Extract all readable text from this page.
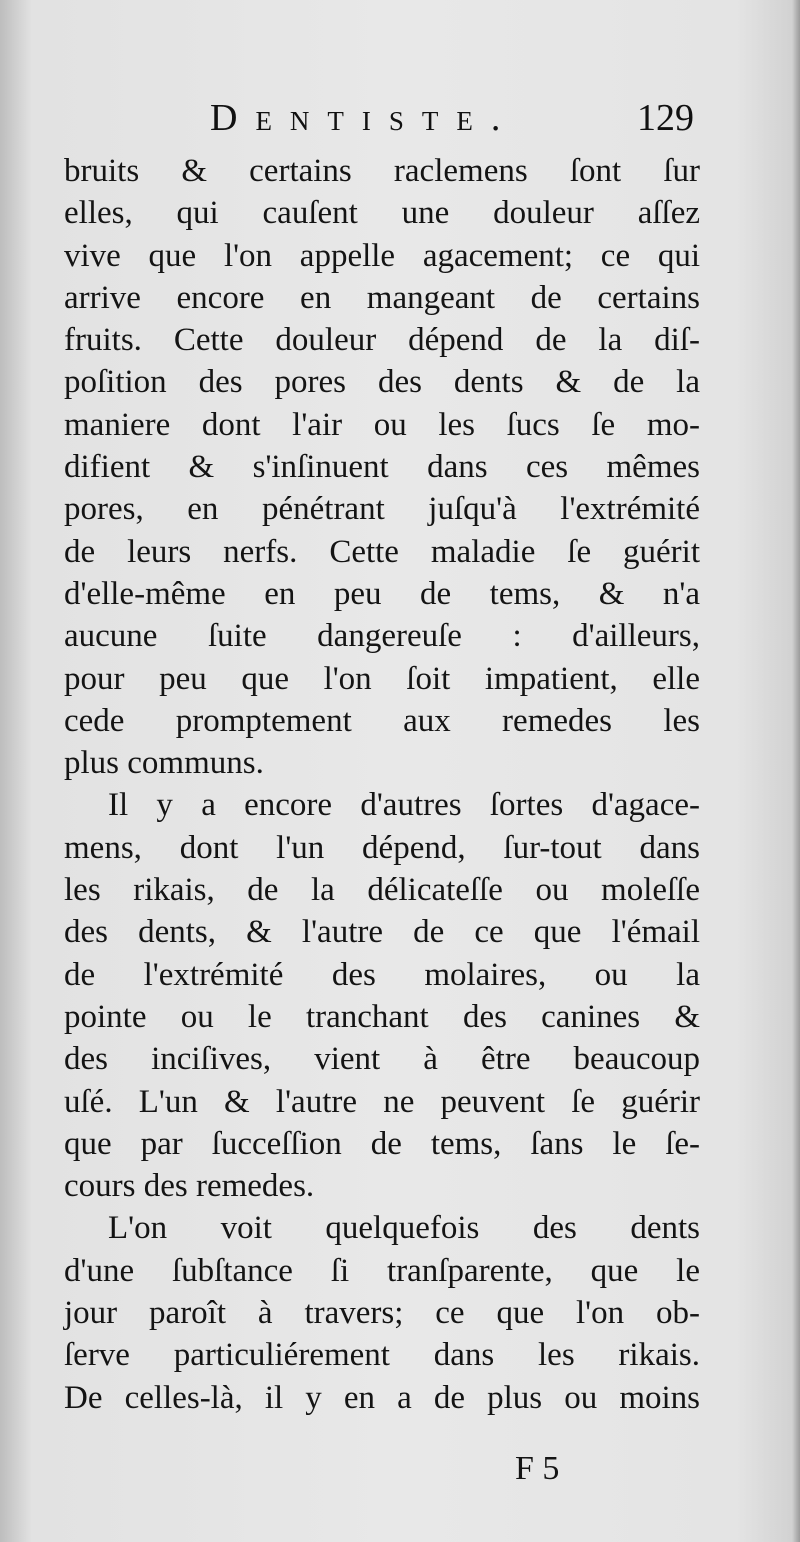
Dentiste.	129
bruits & certains raclemens ſont ſur
elles, qui cauſent une douleur aſſez
vive que l'on appelle agacement; ce qui
arrive encore en mangeant de certains
fruits. Cette douleur dépend de la diſ-
poſition des pores des dents & de la
maniere dont l'air ou les ſucs ſe mo-
difient & s'inſinuent dans ces mêmes
pores, en pénétrant juſqu'à l'extrémité
de leurs nerfs. Cette maladie ſe guérit
d'elle-même en peu de tems, & n'a
aucune ſuite dangereuſe : d'ailleurs,
pour peu que l'on ſoit impatient, elle
cede promptement aux remedes les
plus communs.
Il y a encore d'autres ſortes d'agace-
mens, dont l'un dépend, ſur-tout dans
les rikais, de la délicateſſe ou moleſſe
des dents, & l'autre de ce que l'émail
de l'extrémité des molaires, ou la
pointe ou le tranchant des canines &
des inciſives, vient à être beaucoup
uſé. L'un & l'autre ne peuvent ſe guérir
que par ſucceſſion de tems, ſans le ſe-
cours des remedes.
L'on voit quelquefois des dents
d'une ſubſtance ſi tranſparente, que le
jour paroît à travers; ce que l'on ob-
ſerve particuliérement dans les rikais.
De celles-là, il y en a de plus ou moins
F 5
